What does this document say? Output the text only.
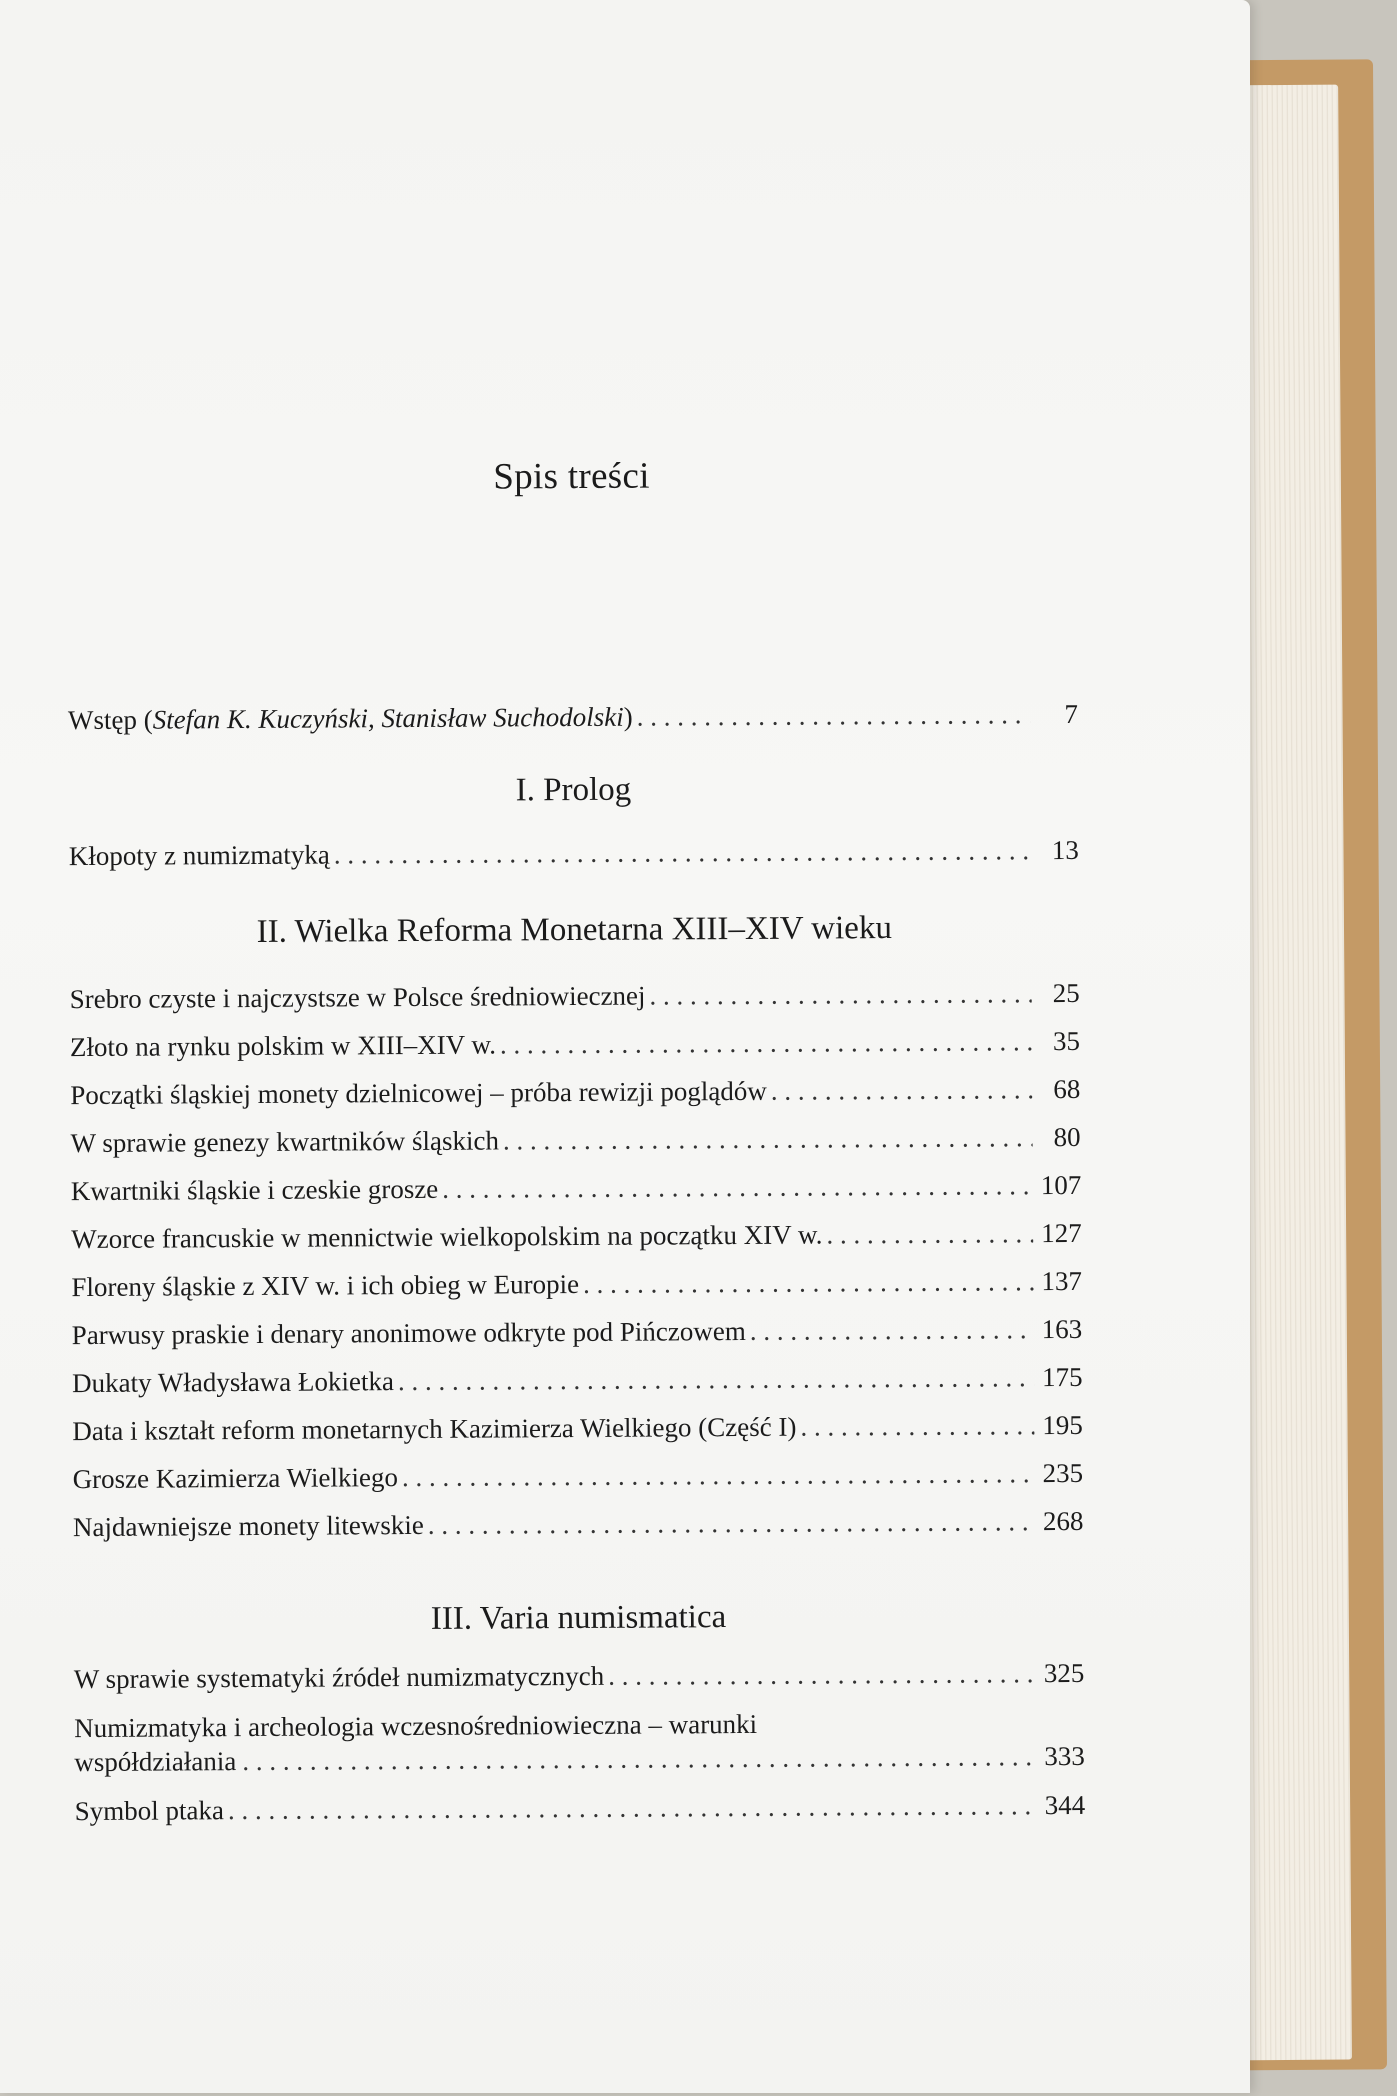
Spis treści
Wstęp (Stefan K. Kuczyński, Stanisław Suchodolski) . . .	7
I. Prolog
Kłopoty z numizmatyką . . .	13
II. Wielka Reforma Monetarna XIII–XIV wieku
Srebro czyste i najczystsze w Polsce średniowiecznej . . .	25
Złoto na rynku polskim w XIII–XIV w. . . .	35
Początki śląskiej monety dzielnicowej – próba rewizji poglądów . . .	68
W sprawie genezy kwartników śląskich . . .	80
Kwartniki śląskie i czeskie grosze . . .	107
Wzorce francuskie w mennictwie wielkopolskim na początku XIV w. . . .	127
Floreny śląskie z XIV w. i ich obieg w Europie . . .	137
Parwusy praskie i denary anonimowe odkryte pod Pińczowem . . .	163
Dukaty Władysława Łokietka . . .	175
Data i kształt reform monetarnych Kazimierza Wielkiego (Część I) . . .	195
Grosze Kazimierza Wielkiego . . .	235
Najdawniejsze monety litewskie . . .	268
III. Varia numismatica
W sprawie systematyki źródeł numizmatycznych . . .	325
Numizmatyka i archeologia wczesnośredniowieczna – warunki
współdziałania . . .	333
Symbol ptaka . . .	344
